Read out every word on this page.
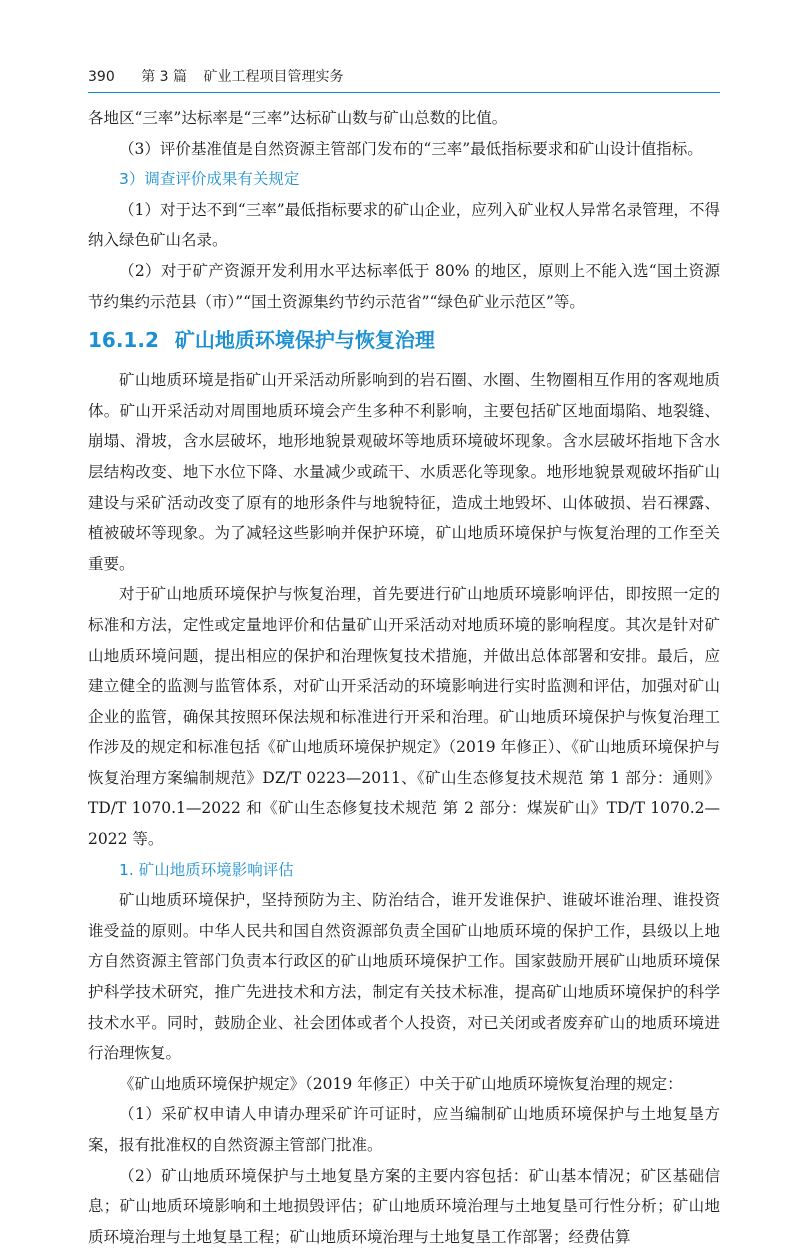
390 第 3 篇 矿业工程项目管理实务

各地区“三率”达标率是“三率”达标矿山数与矿山总数的比值。

（3）评价基准值是自然资源主管部门发布的“三率”最低指标要求和矿山设计值指标。

3）调查评价成果有关规定

（1）对于达不到“三率”最低指标要求的矿山企业，应列入矿业权人异常名录管理，不得纳入绿色矿山名录。

（2）对于矿产资源开发利用水平达标率低于 80% 的地区，原则上不能入选“国土资源节约集约示范县（市）”“国土资源集约节约示范省”“绿色矿业示范区”等。

16.1.2 矿山地质环境保护与恢复治理

矿山地质环境是指矿山开采活动所影响到的岩石圈、水圈、生物圈相互作用的客观地质体。矿山开采活动对周围地质环境会产生多种不利影响，主要包括矿区地面塌陷、地裂缝、崩塌、滑坡，含水层破坏，地形地貌景观破坏等地质环境破坏现象。含水层破坏指地下含水层结构改变、地下水位下降、水量减少或疏干、水质恶化等现象。地形地貌景观破坏指矿山建设与采矿活动改变了原有的地形条件与地貌特征，造成土地毁坏、山体破损、岩石裸露、植被破坏等现象。为了减轻这些影响并保护环境，矿山地质环境保护与恢复治理的工作至关重要。

对于矿山地质环境保护与恢复治理，首先要进行矿山地质环境影响评估，即按照一定的标准和方法，定性或定量地评价和估量矿山开采活动对地质环境的影响程度。其次是针对矿山地质环境问题，提出相应的保护和治理恢复技术措施，并做出总体部署和安排。最后，应建立健全的监测与监管体系，对矿山开采活动的环境影响进行实时监测和评估，加强对矿山企业的监管，确保其按照环保法规和标准进行开采和治理。矿山地质环境保护与恢复治理工作涉及的规定和标准包括《矿山地质环境保护规定》（2019 年修正）、《矿山地质环境保护与恢复治理方案编制规范》DZ/T 0223—2011、《矿山生态修复技术规范 第 1 部分：通则》TD/T 1070.1—2022 和《矿山生态修复技术规范 第 2 部分：煤炭矿山》TD/T 1070.2—2022 等。

1. 矿山地质环境影响评估

矿山地质环境保护，坚持预防为主、防治结合，谁开发谁保护、谁破坏谁治理、谁投资谁受益的原则。中华人民共和国自然资源部负责全国矿山地质环境的保护工作，县级以上地方自然资源主管部门负责本行政区的矿山地质环境保护工作。国家鼓励开展矿山地质环境保护科学技术研究，推广先进技术和方法，制定有关技术标准，提高矿山地质环境保护的科学技术水平。同时，鼓励企业、社会团体或者个人投资，对已关闭或者废弃矿山的地质环境进行治理恢复。

《矿山地质环境保护规定》（2019 年修正）中关于矿山地质环境恢复治理的规定：

（1）采矿权申请人申请办理采矿许可证时，应当编制矿山地质环境保护与土地复垦方案，报有批准权的自然资源主管部门批准。

（2）矿山地质环境保护与土地复垦方案的主要内容包括：矿山基本情况；矿区基础信息；矿山地质环境影响和土地损毁评估；矿山地质环境治理与土地复垦可行性分析；矿山地质环境治理与土地复垦工程；矿山地质环境治理与土地复垦工作部署；经费估算
